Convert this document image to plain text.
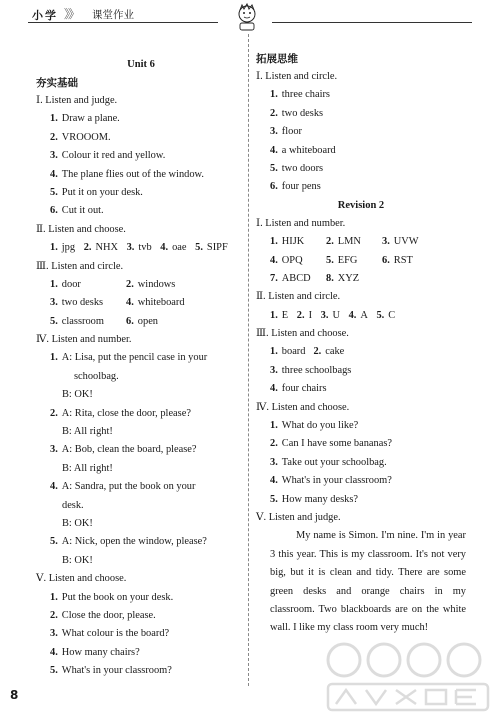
小学 》》 课堂作业
Unit 6
夯实基础
Ⅰ. Listen and judge.
1. Draw a plane.
2. VROOOM.
3. Colour it red and yellow.
4. The plane flies out of the window.
5. Put it on your desk.
6. Cut it out.
Ⅱ. Listen and choose.
1. jpg 2. NHX 3. tvb 4. oae 5. SIPF
Ⅲ. Listen and circle.
1. door	2. windows
3. two desks 4. whiteboard
5. classroom 6. open
Ⅳ. Listen and number.
1. A: Lisa, put the pencil case in your
schoolbag.
B: OK!
2. A: Rita, close the door, please?
B: All right!
3. A: Bob, clean the board, please?
B: All right!
4. A: Sandra, put the book on your
desk.
B: OK!
5. A: Nick, open the window, please?
B: OK!
Ⅴ. Listen and choose.
1. Put the book on your desk.
2. Close the door, please.
3. What colour is the board?
4. How many chairs?
5. What's in your classroom?
拓展思维
Ⅰ. Listen and circle.
1. three chairs
2. two desks
3. floor
4. a whiteboard
5. two doors
6. four pens
Revision 2
Ⅰ. Listen and number.
1. HIJK 2. LMN 3. UVW
4. OPQ 5. EFG 6. RST
7. ABCD 8. XYZ
Ⅱ. Listen and circle.
1. E 2. I 3. U 4. A 5. C
Ⅲ. Listen and choose.
1. board 2. cake
3. three schoolbags
4. four chairs
Ⅳ. Listen and choose.
1. What do you like?
2. Can I have some bananas?
3. Take out your schoolbag.
4. What's in your classroom?
5. How many desks?
Ⅴ. Listen and judge.

My name is Simon. I'm nine. I'm in year 3 this year. This is my classroom. It's not very big, but it is clean and tidy. There are some green desks and orange chairs in my classroom. Two blackboards are on the white wall. I like my class room very much!

8
